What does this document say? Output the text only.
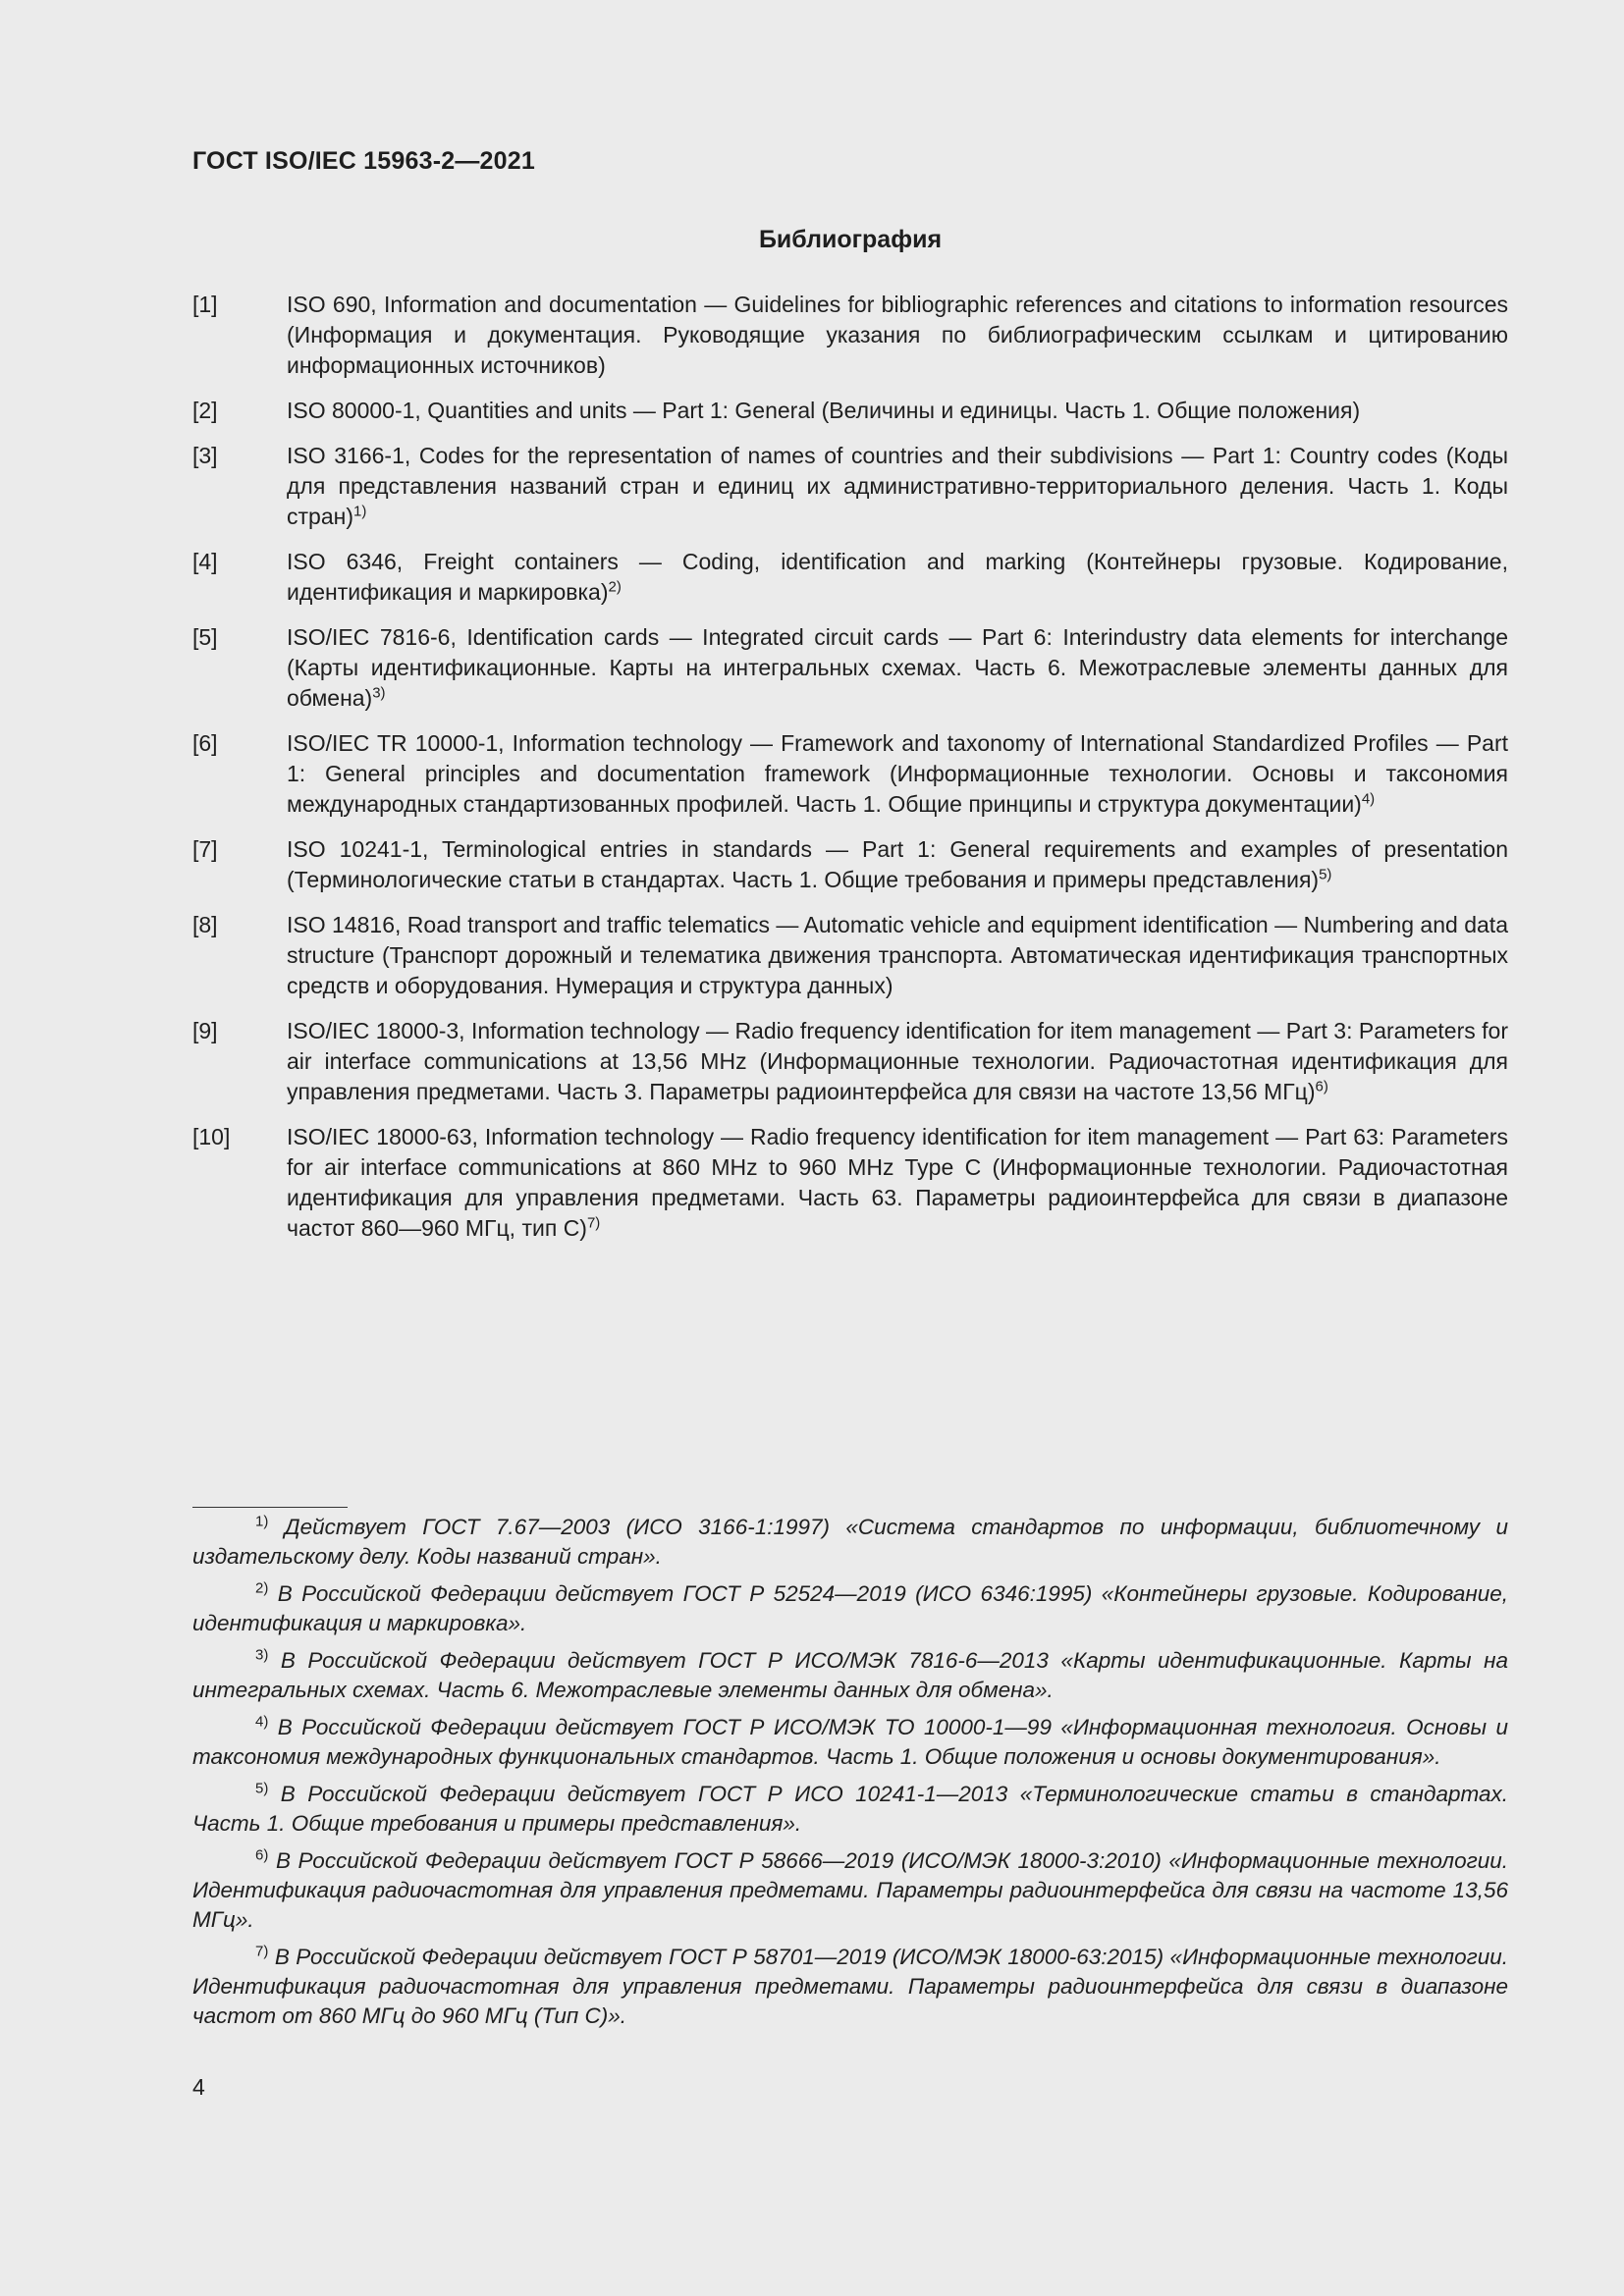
ГОСТ ISO/IEC 15963-2—2021
Библиография
[1]	ISO 690, Information and documentation — Guidelines for bibliographic references and citations to information resources (Информация и документация. Руководящие указания по библиографическим ссылкам и цитированию информационных источников)
[2]	ISO 80000-1, Quantities and units — Part 1: General (Величины и единицы. Часть 1. Общие положения)
[3]	ISO 3166-1, Codes for the representation of names of countries and their subdivisions — Part 1: Country codes (Коды для представления названий стран и единиц их административно-территориального деления. Часть 1. Коды стран)$^{1)}$
[4]	ISO 6346, Freight containers — Coding, identification and marking (Контейнеры грузовые. Кодирование, идентификация и маркировка)$^{2)}$
[5]	ISO/IEC 7816-6, Identification cards — Integrated circuit cards — Part 6: Interindustry data elements for interchange (Карты идентификационные. Карты на интегральных схемах. Часть 6. Межотраслевые элементы данных для обмена)$^{3)}$
[6]	ISO/IEC TR 10000-1, Information technology — Framework and taxonomy of International Standardized Profiles — Part 1: General principles and documentation framework (Информационные технологии. Основы и таксономия международных стандартизованных профилей. Часть 1. Общие принципы и структура документации)$^{4)}$
[7]	ISO 10241-1, Terminological entries in standards — Part 1: General requirements and examples of presentation (Терминологические статьи в стандартах. Часть 1. Общие требования и примеры представления)$^{5)}$
[8]	ISO 14816, Road transport and traffic telematics — Automatic vehicle and equipment identification — Numbering and data structure (Транспорт дорожный и телематика движения транспорта. Автоматическая идентификация транспортных средств и оборудования. Нумерация и структура данных)
[9]	ISO/IEC 18000-3, Information technology — Radio frequency identification for item management — Part 3: Parameters for air interface communications at 13,56 MHz (Информационные технологии. Радиочастотная идентификация для управления предметами. Часть 3. Параметры радиоинтерфейса для связи на частоте 13,56 МГц)$^{6)}$
[10]	ISO/IEC 18000-63, Information technology — Radio frequency identification for item management — Part 63: Parameters for air interface communications at 860 MHz to 960 MHz Type C (Информационные технологии. Радиочастотная идентификация для управления предметами. Часть 63. Параметры радиоинтерфейса для связи в диапазоне частот 860—960 МГц, тип С)$^{7)}$
$^{1)}$ Действует ГОСТ 7.67—2003 (ИСО 3166-1:1997) «Система стандартов по информации, библиотечному и издательскому делу. Коды названий стран».
$^{2)}$ В Российской Федерации действует ГОСТ Р 52524—2019 (ИСО 6346:1995) «Контейнеры грузовые. Кодирование, идентификация и маркировка».
$^{3)}$ В Российской Федерации действует ГОСТ Р ИСО/МЭК 7816-6—2013 «Карты идентификационные. Карты на интегральных схемах. Часть 6. Межотраслевые элементы данных для обмена».
$^{4)}$ В Российской Федерации действует ГОСТ Р ИСО/МЭК ТО 10000-1—99 «Информационная технология. Основы и таксономия международных функциональных стандартов. Часть 1. Общие положения и основы документирования».
$^{5)}$ В Российской Федерации действует ГОСТ Р ИСО 10241-1—2013 «Терминологические статьи в стандартах. Часть 1. Общие требования и примеры представления».
$^{6)}$ В Российской Федерации действует ГОСТ Р 58666—2019 (ИСО/МЭК 18000-3:2010) «Информационные технологии. Идентификация радиочастотная для управления предметами. Параметры радиоинтерфейса для связи на частоте 13,56 МГц».
$^{7)}$ В Российской Федерации действует ГОСТ Р 58701—2019 (ИСО/МЭК 18000-63:2015) «Информационные технологии. Идентификация радиочастотная для управления предметами. Параметры радиоинтерфейса для связи в диапазоне частот от 860 МГц до 960 МГц (Тип С)».
4
